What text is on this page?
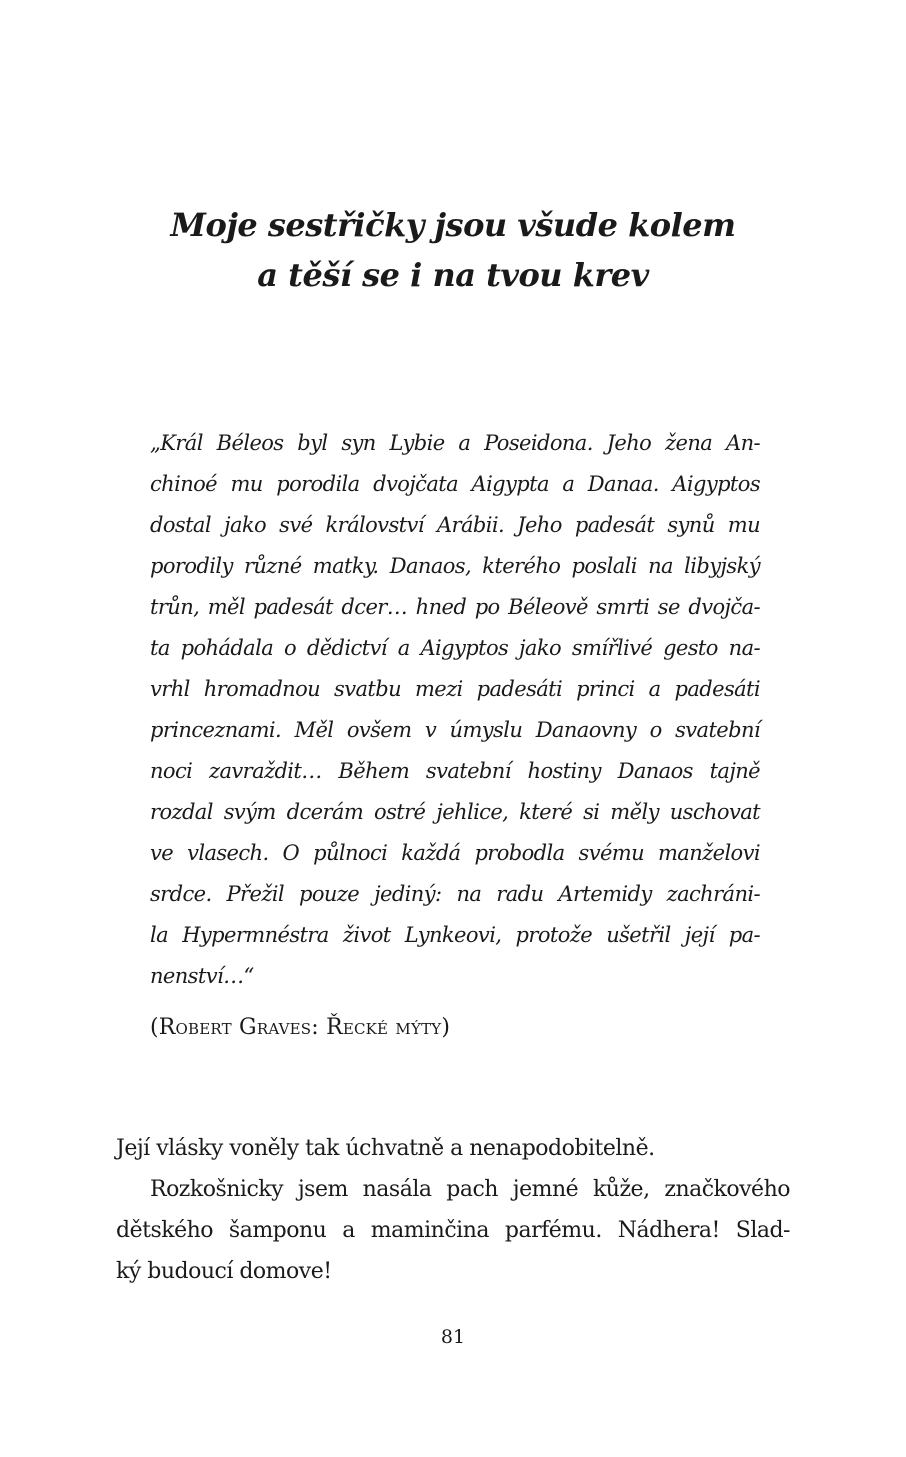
Moje sestřičky jsou všude kolem
a těší se i na tvou krev
„Král Béleos byl syn Lybie a Poseidona. Jeho žena An-
chinoé mu porodila dvojčata Aigypta a Danaa. Aigyptos
dostal jako své království Arábii. Jeho padesát synů mu
porodily různé matky. Danaos, kterého poslali na libyjský
trůn, měl padesát dcer… hned po Béleově smrti se dvojča-
ta pohádala o dědictví a Aigyptos jako smířlivé gesto na-
vrhl hromadnou svatbu mezi padesáti princi a padesáti
princeznami. Měl ovšem v úmyslu Danaovny o svatební
noci zavraždit… Během svatební hostiny Danaos tajně
rozdal svým dcerám ostré jehlice, které si měly uschovat
ve vlasech. O půlnoci každá probodla svému manželovi
srdce. Přežil pouze jediný: na radu Artemidy zachráni-
la Hypermnéstra život Lynkeovi, protože ušetřil její pa-
nenství…“
(Robert Graves: Řecké mýty)
Její vlásky voněly tak úchvatně a nenapodobitelně.
Rozkošnicky jsem nasála pach jemné kůže, značkového
dětského šamponu a maminčina parfému. Nádhera! Slad-
ký budoucí domove!
81
